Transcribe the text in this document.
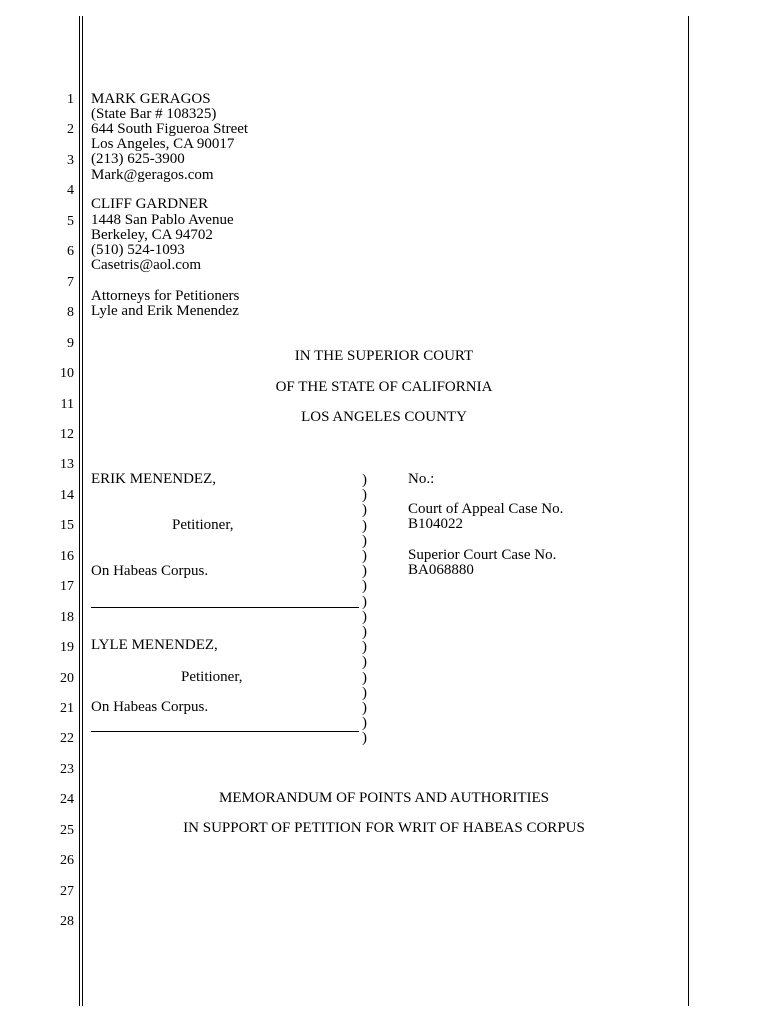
1
2
3
4
5
6
7
8
9
10
11
12
13
14
15
16
17
18
19
20
21
22
23
24
25
26
27
28
MARK GERAGOS
(State Bar # 108325)
644 South Figueroa Street
Los Angeles, CA 90017
(213) 625-3900
Mark@geragos.com
CLIFF GARDNER
1448 San Pablo Avenue
Berkeley, CA 94702
(510) 524-1093
Casetris@aol.com
Attorneys for Petitioners
Lyle and Erik Menendez
IN THE SUPERIOR COURT
OF THE STATE OF CALIFORNIA
LOS ANGELES COUNTY
ERIK MENENDEZ,
Petitioner,
On Habeas Corpus.
LYLE MENENDEZ,
Petitioner,
On Habeas Corpus.
)
)
)
)
)
)
)
)
)
)
)
)
)
)
)
)
)
)
No.:
Court of Appeal Case No.
B104022
Superior Court Case No.
BA068880
MEMORANDUM OF POINTS AND AUTHORITIES
IN SUPPORT OF PETITION FOR WRIT OF HABEAS CORPUS
